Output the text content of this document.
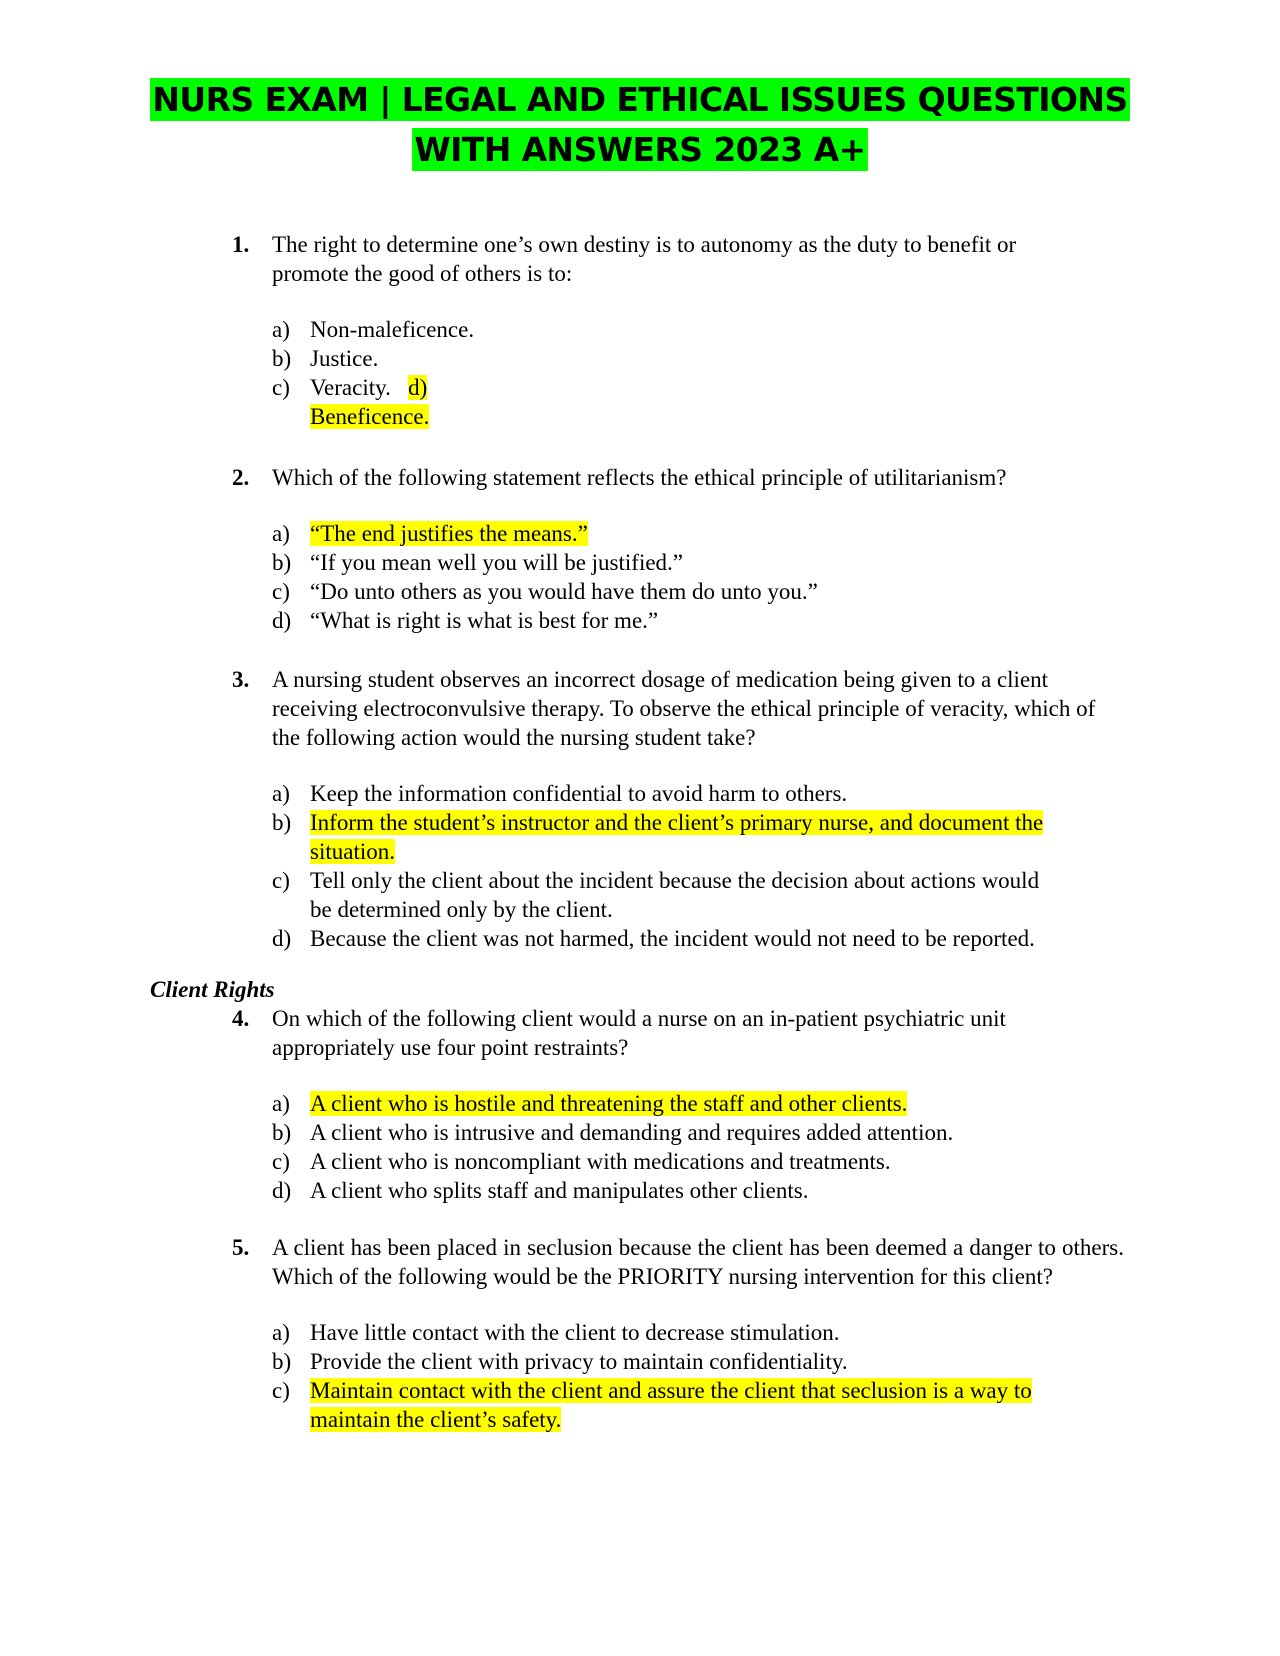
NURS EXAM | LEGAL AND ETHICAL ISSUES QUESTIONS
WITH ANSWERS 2023 A+
1. The right to determine one’s own destiny is to autonomy as the duty to benefit or promote the good of others is to:
a) Non-maleficence.
b) Justice.
c) Veracity. d)
Beneficence.
2. Which of the following statement reflects the ethical principle of utilitarianism?
a) “The end justifies the means.”
b) “If you mean well you will be justified.”
c) “Do unto others as you would have them do unto you.”
d) “What is right is what is best for me.”
3. A nursing student observes an incorrect dosage of medication being given to a client receiving electroconvulsive therapy. To observe the ethical principle of veracity, which of the following action would the nursing student take?
a) Keep the information confidential to avoid harm to others.
b) Inform the student’s instructor and the client’s primary nurse, and document the situation.
c) Tell only the client about the incident because the decision about actions would be determined only by the client.
d) Because the client was not harmed, the incident would not need to be reported.
Client Rights
4. On which of the following client would a nurse on an in-patient psychiatric unit appropriately use four point restraints?
a) A client who is hostile and threatening the staff and other clients.
b) A client who is intrusive and demanding and requires added attention.
c) A client who is noncompliant with medications and treatments.
d) A client who splits staff and manipulates other clients.
5. A client has been placed in seclusion because the client has been deemed a danger to others. Which of the following would be the PRIORITY nursing intervention for this client?
a) Have little contact with the client to decrease stimulation.
b) Provide the client with privacy to maintain confidentiality.
c) Maintain contact with the client and assure the client that seclusion is a way to maintain the client’s safety.
